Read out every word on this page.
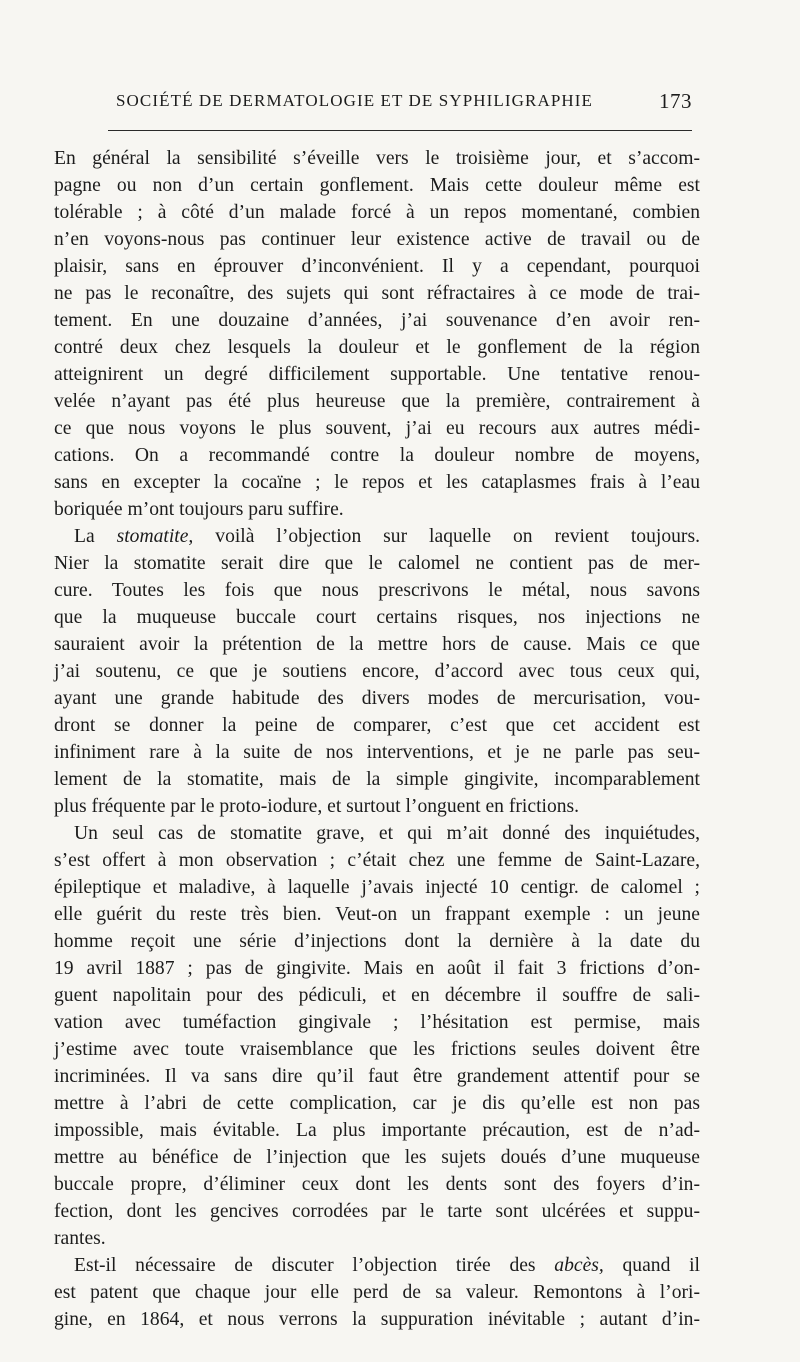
SOCIÉTÉ DE DERMATOLOGIE ET DE SYPHILIGRAPHIE	173
En général la sensibilité s’éveille vers le troisième jour, et s’accom-
pagne ou non d’un certain gonflement. Mais cette douleur même est
tolérable ; à côté d’un malade forcé à un repos momentané, combien
n’en voyons-nous pas continuer leur existence active de travail ou de
plaisir, sans en éprouver d’inconvénient. Il y a cependant, pourquoi
ne pas le reconaître, des sujets qui sont réfractaires à ce mode de trai-
tement. En une douzaine d’années, j’ai souvenance d’en avoir ren-
contré deux chez lesquels la douleur et le gonflement de la région
atteignirent un degré difficilement supportable. Une tentative renou-
velée n’ayant pas été plus heureuse que la première, contrairement à
ce que nous voyons le plus souvent, j’ai eu recours aux autres médi-
cations. On a recommandé contre la douleur nombre de moyens,
sans en excepter la cocaïne ; le repos et les cataplasmes frais à l’eau
boriquée m’ont toujours paru suffire.
La stomatite, voilà l’objection sur laquelle on revient toujours.
Nier la stomatite serait dire que le calomel ne contient pas de mer-
cure. Toutes les fois que nous prescrivons le métal, nous savons
que la muqueuse buccale court certains risques, nos injections ne
sauraient avoir la prétention de la mettre hors de cause. Mais ce que
j’ai soutenu, ce que je soutiens encore, d’accord avec tous ceux qui,
ayant une grande habitude des divers modes de mercurisation, vou-
dront se donner la peine de comparer, c’est que cet accident est
infiniment rare à la suite de nos interventions, et je ne parle pas seu-
lement de la stomatite, mais de la simple gingivite, incomparablement
plus fréquente par le proto-iodure, et surtout l’onguent en frictions.
Un seul cas de stomatite grave, et qui m’ait donné des inquiétudes,
s’est offert à mon observation ; c’était chez une femme de Saint-Lazare,
épileptique et maladive, à laquelle j’avais injecté 10 centigr. de calomel ;
elle guérit du reste très bien. Veut-on un frappant exemple : un jeune
homme reçoit une série d’injections dont la dernière à la date du
19 avril 1887 ; pas de gingivite. Mais en août il fait 3 frictions d’on-
guent napolitain pour des pédiculi, et en décembre il souffre de sali-
vation avec tuméfaction gingivale ; l’hésitation est permise, mais
j’estime avec toute vraisemblance que les frictions seules doivent être
incriminées. Il va sans dire qu’il faut être grandement attentif pour se
mettre à l’abri de cette complication, car je dis qu’elle est non pas
impossible, mais évitable. La plus importante précaution, est de n’ad-
mettre au bénéfice de l’injection que les sujets doués d’une muqueuse
buccale propre, d’éliminer ceux dont les dents sont des foyers d’in-
fection, dont les gencives corrodées par le tarte sont ulcérées et suppu-
rantes.
Est-il nécessaire de discuter l’objection tirée des abcès, quand il
est patent que chaque jour elle perd de sa valeur. Remontons à l’ori-
gine, en 1864, et nous verrons la suppuration inévitable ; autant d’in-
